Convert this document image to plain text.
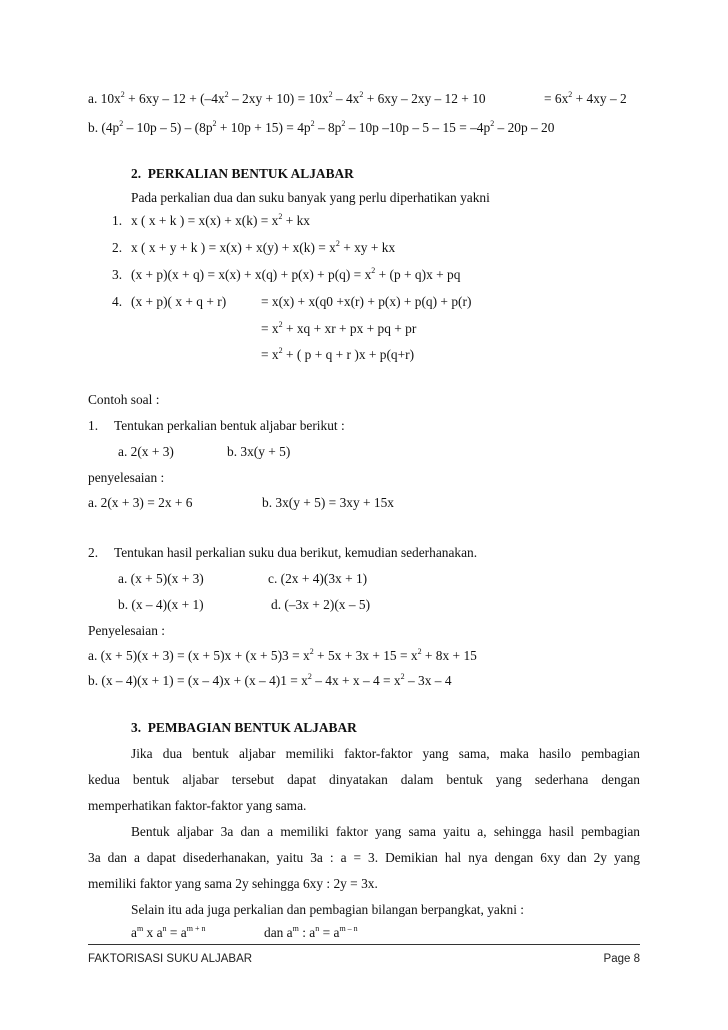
a. $10x^2 + 6xy - 12 + (-4x^2 - 2xy + 10) = 10x^2 - 4x^2 + 6xy - 2xy - 12 + 10$	= $6x^2 + 4xy - 2$
b. $(4p^2 - 10p - 5) - (8p^2 + 10p + 15) = 4p^2 - 8p^2 - 10p$ $-10p - 5 - 15 = -4p^2 - 20p - 20$
2. PERKALIAN BENTUK ALJABAR
Pada perkalian dua dan suku banyak yang perlu diperhatikan yakni
1. x ( x + k ) = $x(x) + x(k) = x^2$ + kx
2. x ( x + y + k ) = $x(x) + x(y) + x(k) = x^2$ + xy + kx
3. $(x + p)(x + q) = x(x) + x(q) + p(x) + p(q) = x^2 + (p + q)x$ + pq
4. (x + p)( x + q + r)	= x(x) + x(q0 +x(r) + p(x) + p(q) + p(r)
= $x^2$ + xq + xr + px + pq + pr
= $x^2$ + ( p + q + r )x + p(q+r)
Contoh soal :
1. Tentukan perkalian bentuk aljabar berikut :
a. 2(x + 3)	b. 3x(y + 5)
penyelesaian :
a. 2(x + 3) = 2x + 6	b. 3x(y + 5) = 3xy + 15x
2. Tentukan hasil perkalian suku dua berikut, kemudian sederhanakan.
a. (x + 5)(x + 3)	c. (2x + 4)(3x + 1)
b. (x – 4)(x + 1)	d. (–3x + 2)(x – 5)
Penyelesaian :
a. $(x + 5)(x + 3) = (x + 5)x + (x + 5)3 = x^2 + 5x + 3x + 15 = x^2 + 8x + 15$
b. $(x - 4)(x + 1) = (x - 4)x + (x - 4)1 = x^2 - 4x + x - 4 = x^2 - 3x - 4$
3. PEMBAGIAN BENTUK ALJABAR
Jika dua bentuk aljabar memiliki faktor-faktor yang sama, maka hasilo pembagian
kedua bentuk aljabar tersebut dapat dinyatakan dalam bentuk yang sederhana dengan
memperhatikan faktor-faktor yang sama.
Bentuk aljabar 3a dan a memiliki faktor yang sama yaitu a, sehingga hasil pembagian
3a dan a dapat disederhanakan, yaitu 3a : a = 3. Demikian hal nya dengan 6xy dan 2y yang
memiliki faktor yang sama 2y sehingga 6xy : 2y = 3x.
Selain itu ada juga perkalian dan pembagian bilangan berpangkat, yakni :
$a^m$ x $a^n = a^{m + n}$	dan $a^m$ : $a^n = a^{m - n}$
FAKTORISASI SUKU ALJABAR	Page 8
